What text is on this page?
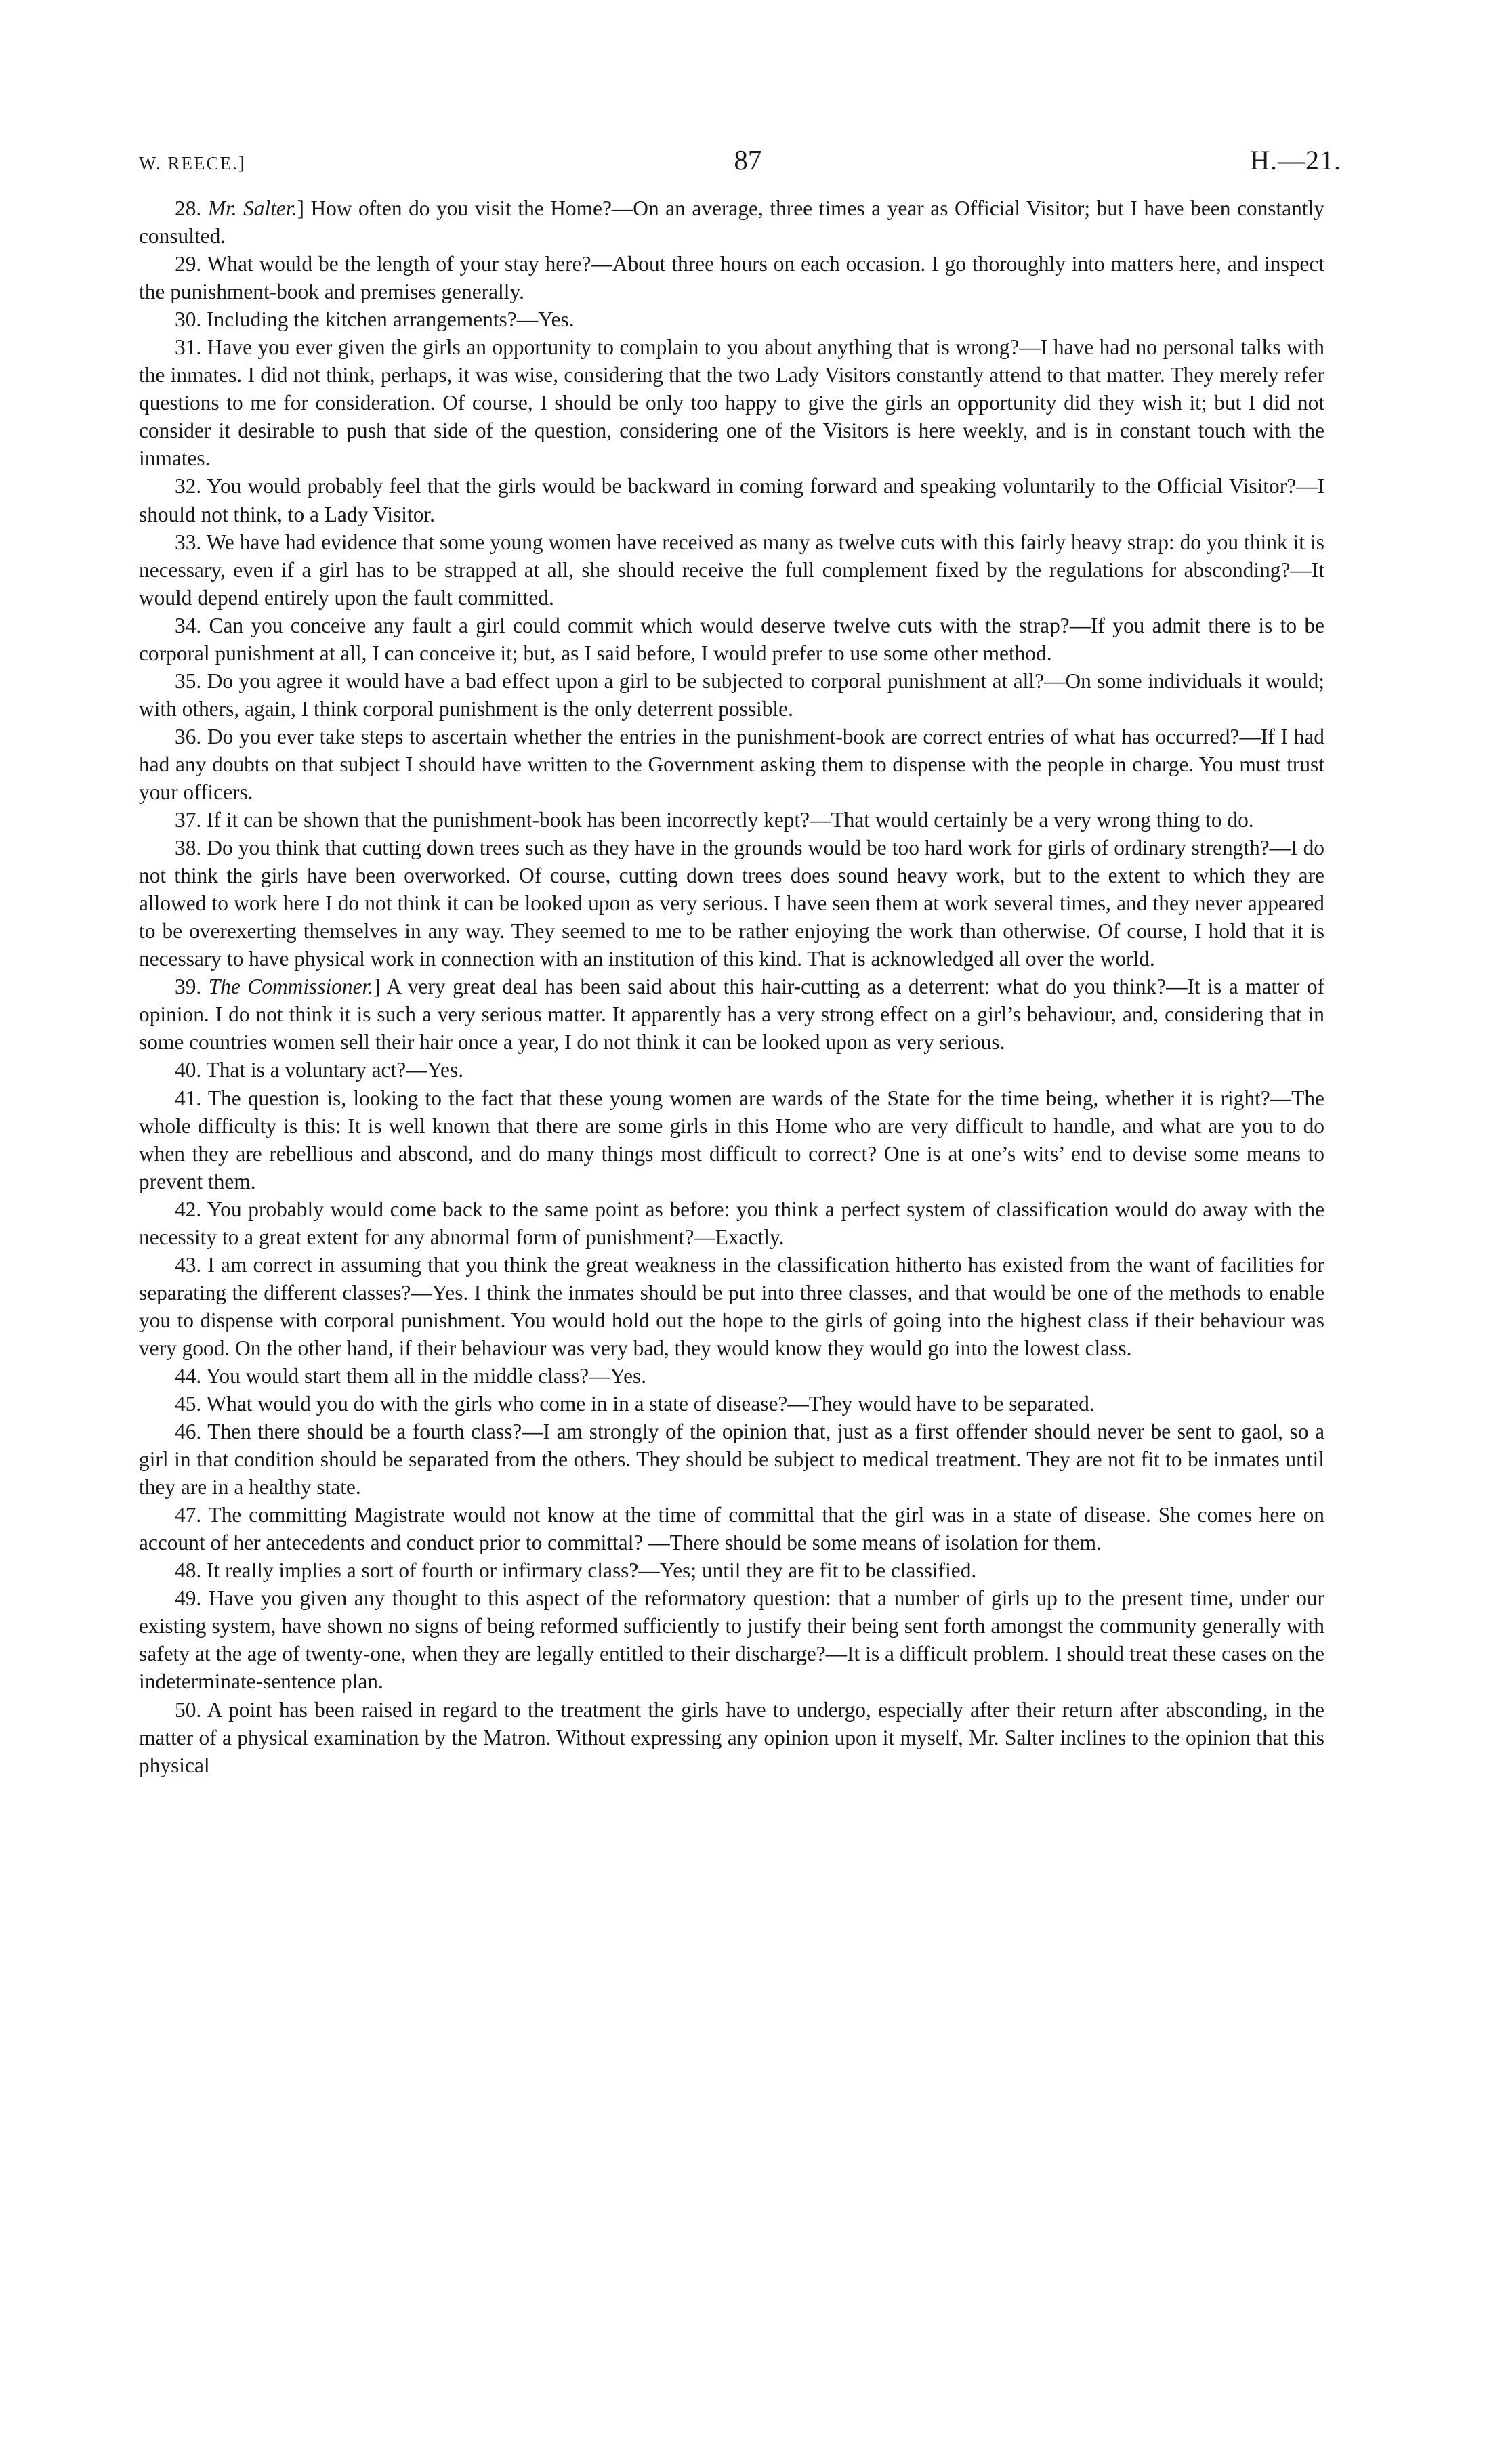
W. REECE.]	87	H.—21.

28. Mr. Salter.] How often do you visit the Home?—On an average, three times a year as Official Visitor; but I have been constantly consulted.

29. What would be the length of your stay here?—About three hours on each occasion. I go thoroughly into matters here, and inspect the punishment-book and premises generally.

30. Including the kitchen arrangements?—Yes.

31. Have you ever given the girls an opportunity to complain to you about anything that is wrong?—I have had no personal talks with the inmates. I did not think, perhaps, it was wise, considering that the two Lady Visitors constantly attend to that matter. They merely refer questions to me for consideration. Of course, I should be only too happy to give the girls an opportunity did they wish it; but I did not consider it desirable to push that side of the question, considering one of the Visitors is here weekly, and is in constant touch with the inmates.

32. You would probably feel that the girls would be backward in coming forward and speaking voluntarily to the Official Visitor?—I should not think, to a Lady Visitor.

33. We have had evidence that some young women have received as many as twelve cuts with this fairly heavy strap: do you think it is necessary, even if a girl has to be strapped at all, she should receive the full complement fixed by the regulations for absconding?—It would depend entirely upon the fault committed.

34. Can you conceive any fault a girl could commit which would deserve twelve cuts with the strap?—If you admit there is to be corporal punishment at all, I can conceive it; but, as I said before, I would prefer to use some other method.

35. Do you agree it would have a bad effect upon a girl to be subjected to corporal punishment at all?—On some individuals it would; with others, again, I think corporal punishment is the only deterrent possible.

36. Do you ever take steps to ascertain whether the entries in the punishment-book are correct entries of what has occurred?—If I had had any doubts on that subject I should have written to the Government asking them to dispense with the people in charge. You must trust your officers.

37. If it can be shown that the punishment-book has been incorrectly kept?—That would certainly be a very wrong thing to do.

38. Do you think that cutting down trees such as they have in the grounds would be too hard work for girls of ordinary strength?—I do not think the girls have been overworked. Of course, cutting down trees does sound heavy work, but to the extent to which they are allowed to work here I do not think it can be looked upon as very serious. I have seen them at work several times, and they never appeared to be overexerting themselves in any way. They seemed to me to be rather enjoying the work than otherwise. Of course, I hold that it is necessary to have physical work in connection with an institution of this kind. That is acknowledged all over the world.

39. The Commissioner.] A very great deal has been said about this hair-cutting as a deterrent: what do you think?—It is a matter of opinion. I do not think it is such a very serious matter. It apparently has a very strong effect on a girl’s behaviour, and, considering that in some countries women sell their hair once a year, I do not think it can be looked upon as very serious.

40. That is a voluntary act?—Yes.

41. The question is, looking to the fact that these young women are wards of the State for the time being, whether it is right?—The whole difficulty is this: It is well known that there are some girls in this Home who are very difficult to handle, and what are you to do when they are rebellious and abscond, and do many things most difficult to correct? One is at one’s wits’ end to devise some means to prevent them.

42. You probably would come back to the same point as before: you think a perfect system of classification would do away with the necessity to a great extent for any abnormal form of punishment?—Exactly.

43. I am correct in assuming that you think the great weakness in the classification hitherto has existed from the want of facilities for separating the different classes?—Yes. I think the inmates should be put into three classes, and that would be one of the methods to enable you to dispense with corporal punishment. You would hold out the hope to the girls of going into the highest class if their behaviour was very good. On the other hand, if their behaviour was very bad, they would know they would go into the lowest class.

44. You would start them all in the middle class?—Yes.

45. What would you do with the girls who come in in a state of disease?—They would have to be separated.

46. Then there should be a fourth class?—I am strongly of the opinion that, just as a first offender should never be sent to gaol, so a girl in that condition should be separated from the others. They should be subject to medical treatment. They are not fit to be inmates until they are in a healthy state.

47. The committing Magistrate would not know at the time of committal that the girl was in a state of disease. She comes here on account of her antecedents and conduct prior to committal? —There should be some means of isolation for them.

48. It really implies a sort of fourth or infirmary class?—Yes; until they are fit to be classified.

49. Have you given any thought to this aspect of the reformatory question: that a number of girls up to the present time, under our existing system, have shown no signs of being reformed sufficiently to justify their being sent forth amongst the community generally with safety at the age of twenty-one, when they are legally entitled to their discharge?—It is a difficult problem. I should treat these cases on the indeterminate-sentence plan.

50. A point has been raised in regard to the treatment the girls have to undergo, especially after their return after absconding, in the matter of a physical examination by the Matron. Without expressing any opinion upon it myself, Mr. Salter inclines to the opinion that this physical
